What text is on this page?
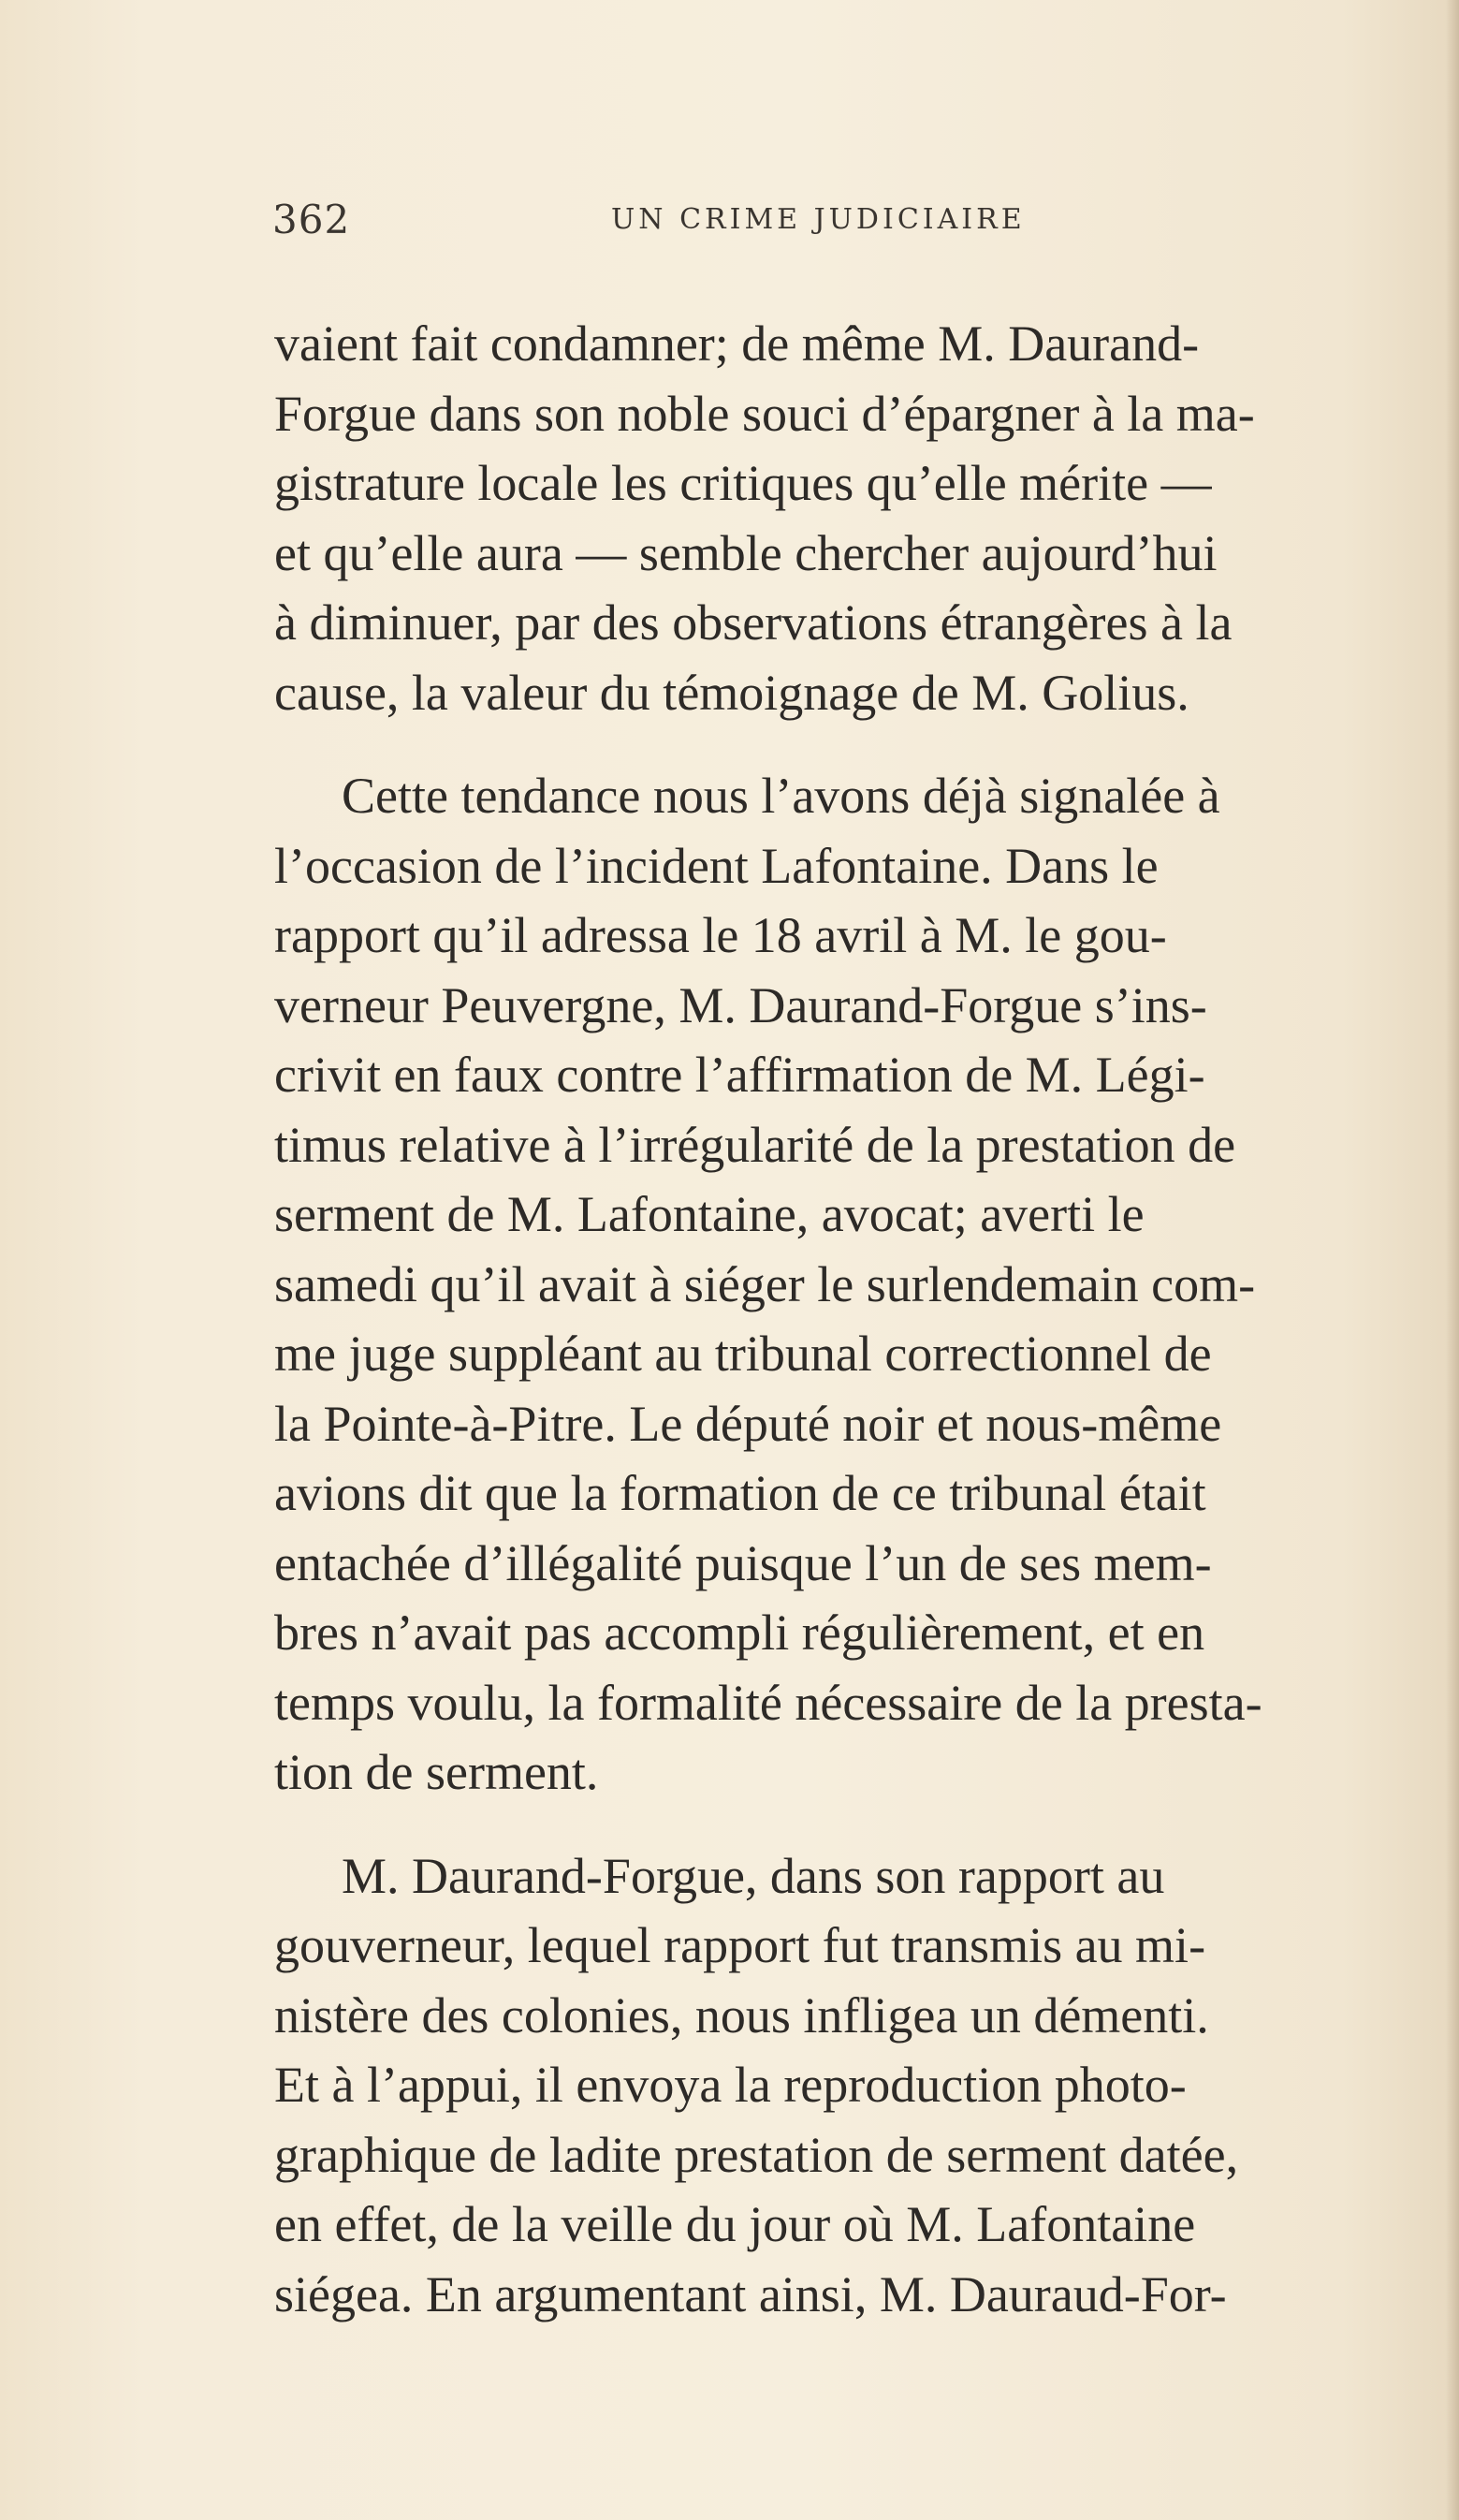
362	UN CRIME JUDICIAIRE
vaient fait condamner; de même M. Daurand-
Forgue dans son noble souci d’épargner à la ma-
gistrature locale les critiques qu’elle mérite —
et qu’elle aura — semble chercher aujourd’hui
à diminuer, par des observations étrangères à la
cause, la valeur du témoignage de M. Golius.
Cette tendance nous l’avons déjà signalée à
l’occasion de l’incident Lafontaine. Dans le
rapport qu’il adressa le 18 avril à M. le gou-
verneur Peuvergne, M. Daurand-Forgue s’ins-
crivit en faux contre l’affirmation de M. Légi-
timus relative à l’irrégularité de la prestation de
serment de M. Lafontaine, avocat; averti le
samedi qu’il avait à siéger le surlendemain com-
me juge suppléant au tribunal correctionnel de
la Pointe-à-Pitre. Le député noir et nous-même
avions dit que la formation de ce tribunal était
entachée d’illégalité puisque l’un de ses mem-
bres n’avait pas accompli régulièrement, et en
temps voulu, la formalité nécessaire de la presta-
tion de serment.
M. Daurand-Forgue, dans son rapport au
gouverneur, lequel rapport fut transmis au mi-
nistère des colonies, nous infligea un démenti.
Et à l’appui, il envoya la reproduction photo-
graphique de ladite prestation de serment datée,
en effet, de la veille du jour où M. Lafontaine
siégea. En argumentant ainsi, M. Dauraud-For-
